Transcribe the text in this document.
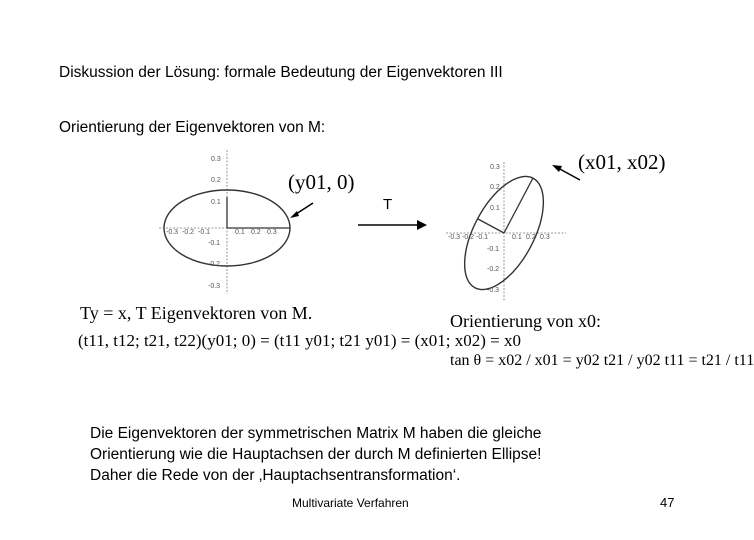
Diskussion der Lösung: formale Bedeutung der Eigenvektoren III
Orientierung der Eigenvektoren von M:
0.3
0.2
0.1
-0.1
-0.2
-0.3
-0.3 -0.2 -0.1	0.1 0.2 0.3
(y01, 0)
T
0.3
0.2
0.1
-0.1
-0.2
-0.3
-0.3 -0.2 -0.1	0.1 0.2 0.3
(x01, x02)
Ty = x, T Eigenvektoren von M.
(t11, t12; t21, t22)(y01; 0) = (t11 y01; t21 y01) = (x01; x02) = x0
Orientierung von x0:
tan θ = x02 / x01 = y02 t21 / y02 t11 = t21 / t11
Die Eigenvektoren der symmetrischen Matrix M haben die gleiche
Orientierung wie die Hauptachsen der durch M definierten Ellipse!
Daher die Rede von der ‚Hauptachsentransformation‘.
Multivariate Verfahren	47
